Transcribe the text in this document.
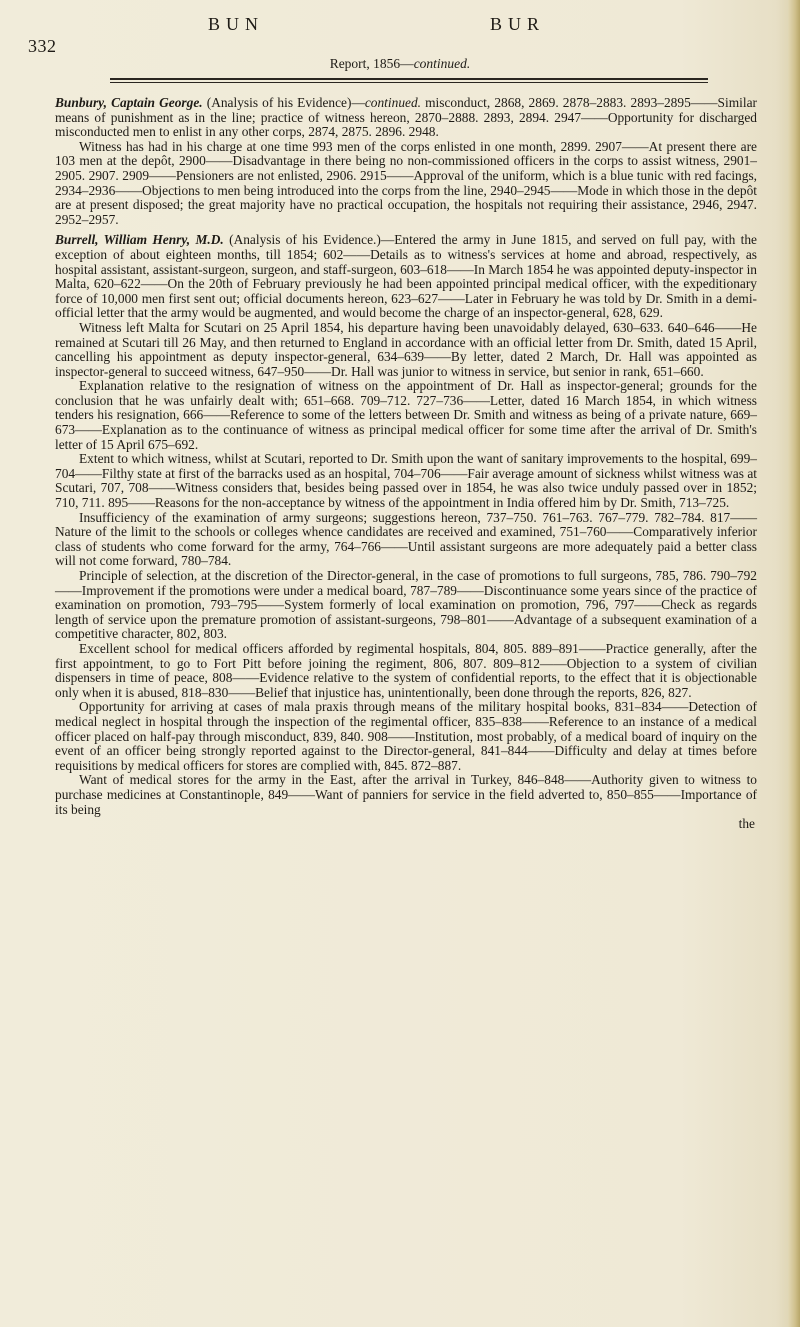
332
BUN	BUR
Report, 1856—continued.

Bunbury, Captain George. (Analysis of his Evidence)—continued. misconduct, 2868, 2869. 2878–2883. 2893–2895——Similar means of punishment as in the line; practice of witness hereon, 2870–2888. 2893, 2894. 2947——Opportunity for discharged misconducted men to enlist in any other corps, 2874, 2875. 2896. 2948.

Witness has had in his charge at one time 993 men of the corps enlisted in one month, 2899. 2907——At present there are 103 men at the depôt, 2900——Disadvantage in there being no non-commissioned officers in the corps to assist witness, 2901–2905. 2907. 2909——Pensioners are not enlisted, 2906. 2915——Approval of the uniform, which is a blue tunic with red facings, 2934–2936——Objections to men being introduced into the corps from the line, 2940–2945——Mode in which those in the depôt are at present disposed; the great majority have no practical occupation, the hospitals not requiring their assistance, 2946, 2947. 2952–2957.

Burrell, William Henry, M.D. (Analysis of his Evidence.)—Entered the army in June 1815, and served on full pay, with the exception of about eighteen months, till 1854; 602——Details as to witness's services at home and abroad, respectively, as hospital assistant, assistant-surgeon, surgeon, and staff-surgeon, 603–618——In March 1854 he was appointed deputy-inspector in Malta, 620–622——On the 20th of February previously he had been appointed principal medical officer, with the expeditionary force of 10,000 men first sent out; official documents hereon, 623–627——Later in February he was told by Dr. Smith in a demi-official letter that the army would be augmented, and would become the charge of an inspector-general, 628, 629.

Witness left Malta for Scutari on 25 April 1854, his departure having been unavoidably delayed, 630–633. 640–646——He remained at Scutari till 26 May, and then returned to England in accordance with an official letter from Dr. Smith, dated 15 April, cancelling his appointment as deputy inspector-general, 634–639——By letter, dated 2 March, Dr. Hall was appointed as inspector-general to succeed witness, 647–950——Dr. Hall was junior to witness in service, but senior in rank, 651–660.

Explanation relative to the resignation of witness on the appointment of Dr. Hall as inspector-general; grounds for the conclusion that he was unfairly dealt with; 651–668. 709–712. 727–736——Letter, dated 16 March 1854, in which witness tenders his resignation, 666——Reference to some of the letters between Dr. Smith and witness as being of a private nature, 669–673——Explanation as to the continuance of witness as principal medical officer for some time after the arrival of Dr. Smith's letter of 15 April 675–692.

Extent to which witness, whilst at Scutari, reported to Dr. Smith upon the want of sanitary improvements to the hospital, 699–704——Filthy state at first of the barracks used as an hospital, 704–706——Fair average amount of sickness whilst witness was at Scutari, 707, 708——Witness considers that, besides being passed over in 1854, he was also twice unduly passed over in 1852; 710, 711. 895——Reasons for the non-acceptance by witness of the appointment in India offered him by Dr. Smith, 713–725.

Insufficiency of the examination of army surgeons; suggestions hereon, 737–750. 761–763. 767–779. 782–784. 817——Nature of the limit to the schools or colleges whence candidates are received and examined, 751–760——Comparatively inferior class of students who come forward for the army, 764–766——Until assistant surgeons are more adequately paid a better class will not come forward, 780–784.

Principle of selection, at the discretion of the Director-general, in the case of promotions to full surgeons, 785, 786. 790–792——Improvement if the promotions were under a medical board, 787–789——Discontinuance some years since of the practice of examination on promotion, 793–795——System formerly of local examination on promotion, 796, 797——Check as regards length of service upon the premature promotion of assistant-surgeons, 798–801——Advantage of a subsequent examination of a competitive character, 802, 803.

Excellent school for medical officers afforded by regimental hospitals, 804, 805. 889–891——Practice generally, after the first appointment, to go to Fort Pitt before joining the regiment, 806, 807. 809–812——Objection to a system of civilian dispensers in time of peace, 808——Evidence relative to the system of confidential reports, to the effect that it is objectionable only when it is abused, 818–830——Belief that injustice has, unintentionally, been done through the reports, 826, 827.

Opportunity for arriving at cases of mala praxis through means of the military hospital books, 831–834——Detection of medical neglect in hospital through the inspection of the regimental officer, 835–838——Reference to an instance of a medical officer placed on half-pay through misconduct, 839, 840. 908——Institution, most probably, of a medical board of inquiry on the event of an officer being strongly reported against to the Director-general, 841–844——Difficulty and delay at times before requisitions by medical officers for stores are complied with, 845. 872–887.

Want of medical stores for the army in the East, after the arrival in Turkey, 846–848——Authority given to witness to purchase medicines at Constantinople, 849——Want of panniers for service in the field adverted to, 850–855——Importance of its being

the
